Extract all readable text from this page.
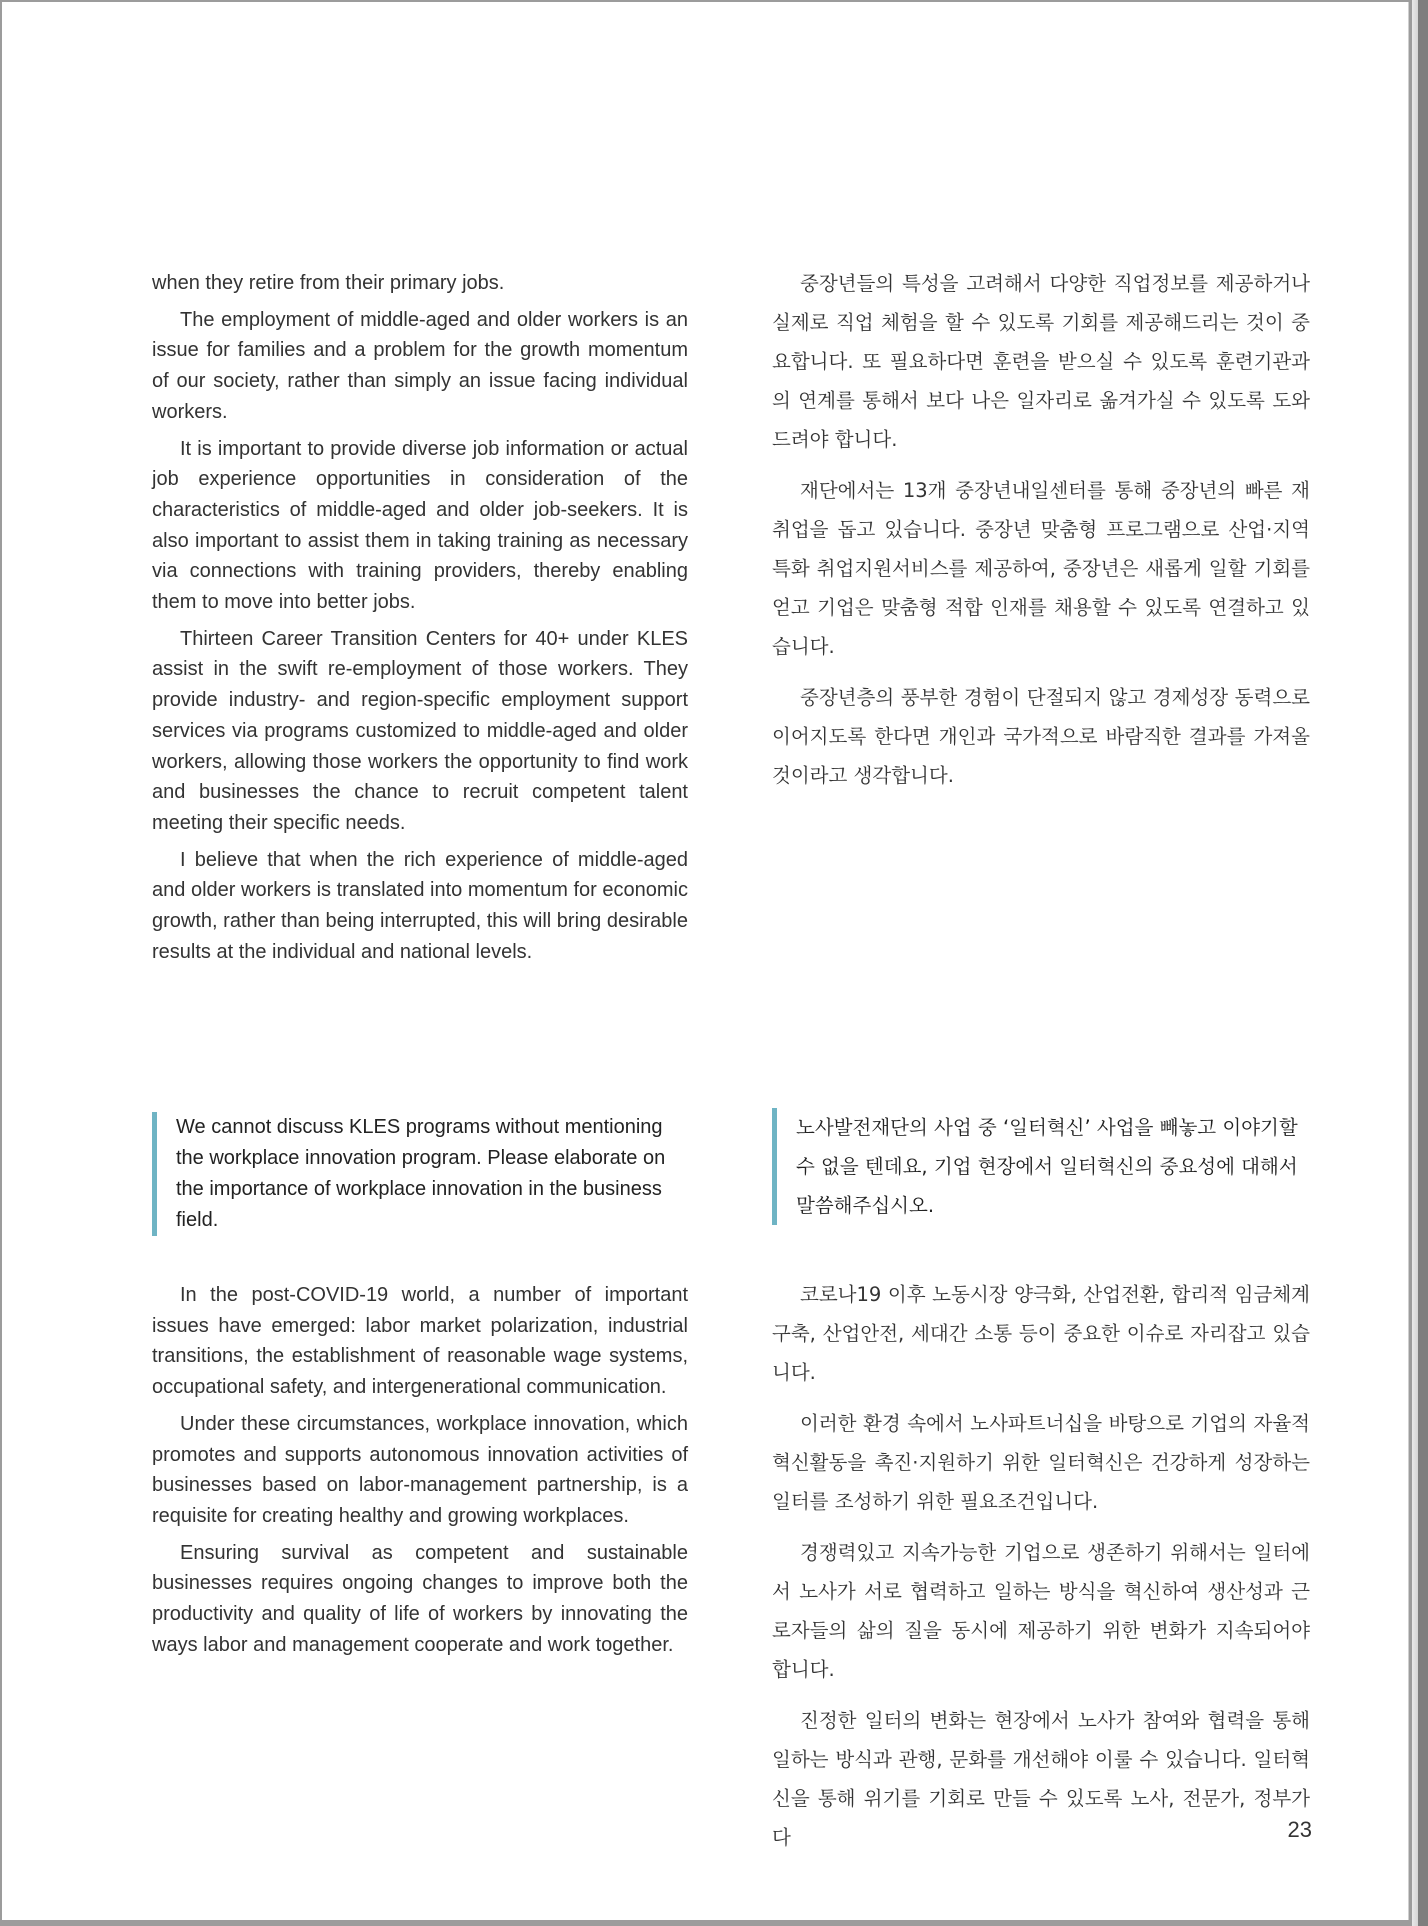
when they retire from their primary jobs.

The employment of middle-aged and older workers is an issue for families and a problem for the growth momentum of our society, rather than simply an issue facing individual workers.

It is important to provide diverse job information or actual job experience opportunities in consideration of the characteristics of middle-aged and older job-seekers. It is also important to assist them in taking training as necessary via connections with training providers, thereby enabling them to move into better jobs.

Thirteen Career Transition Centers for 40+ under KLES assist in the swift re-employment of those workers. They provide industry- and region-specific employment support services via programs customized to middle-aged and older workers, allowing those workers the opportunity to find work and businesses the chance to recruit competent talent meeting their specific needs.

I believe that when the rich experience of middle-aged and older workers is translated into momentum for economic growth, rather than being interrupted, this will bring desirable results at the individual and national levels.

중장년들의 특성을 고려해서 다양한 직업정보를 제공하거나 실제로 직업 체험을 할 수 있도록 기회를 제공해드리는 것이 중요합니다. 또 필요하다면 훈련을 받으실 수 있도록 훈련기관과의 연계를 통해서 보다 나은 일자리로 옮겨가실 수 있도록 도와드려야 합니다.

재단에서는 13개 중장년내일센터를 통해 중장년의 빠른 재취업을 돕고 있습니다. 중장년 맞춤형 프로그램으로 산업·지역특화 취업지원서비스를 제공하여, 중장년은 새롭게 일할 기회를 얻고 기업은 맞춤형 적합 인재를 채용할 수 있도록 연결하고 있습니다.

중장년층의 풍부한 경험이 단절되지 않고 경제성장 동력으로 이어지도록 한다면 개인과 국가적으로 바람직한 결과를 가져올 것이라고 생각합니다.

We cannot discuss KLES programs without mentioning the workplace innovation program. Please elaborate on the importance of workplace innovation in the business field.
노사발전재단의 사업 중 ‘일터혁신’ 사업을 빼놓고 이야기할 수 없을 텐데요, 기업 현장에서 일터혁신의 중요성에 대해서 말씀해주십시오.

In the post-COVID-19 world, a number of important issues have emerged: labor market polarization, industrial transitions, the establishment of reasonable wage systems, occupational safety, and intergenerational communication.

Under these circumstances, workplace innovation, which promotes and supports autonomous innovation activities of businesses based on labor-management partnership, is a requisite for creating healthy and growing workplaces.

Ensuring survival as competent and sustainable businesses requires ongoing changes to improve both the productivity and quality of life of workers by innovating the ways labor and management cooperate and work together.

코로나19 이후 노동시장 양극화, 산업전환, 합리적 임금체계 구축, 산업안전, 세대간 소통 등이 중요한 이슈로 자리잡고 있습니다.

이러한 환경 속에서 노사파트너십을 바탕으로 기업의 자율적 혁신활동을 촉진·지원하기 위한 일터혁신은 건강하게 성장하는 일터를 조성하기 위한 필요조건입니다.

경쟁력있고 지속가능한 기업으로 생존하기 위해서는 일터에서 노사가 서로 협력하고 일하는 방식을 혁신하여 생산성과 근로자들의 삶의 질을 동시에 제공하기 위한 변화가 지속되어야 합니다.

진정한 일터의 변화는 현장에서 노사가 참여와 협력을 통해 일하는 방식과 관행, 문화를 개선해야 이룰 수 있습니다. 일터혁신을 통해 위기를 기회로 만들 수 있도록 노사, 전문가, 정부가 다	23
